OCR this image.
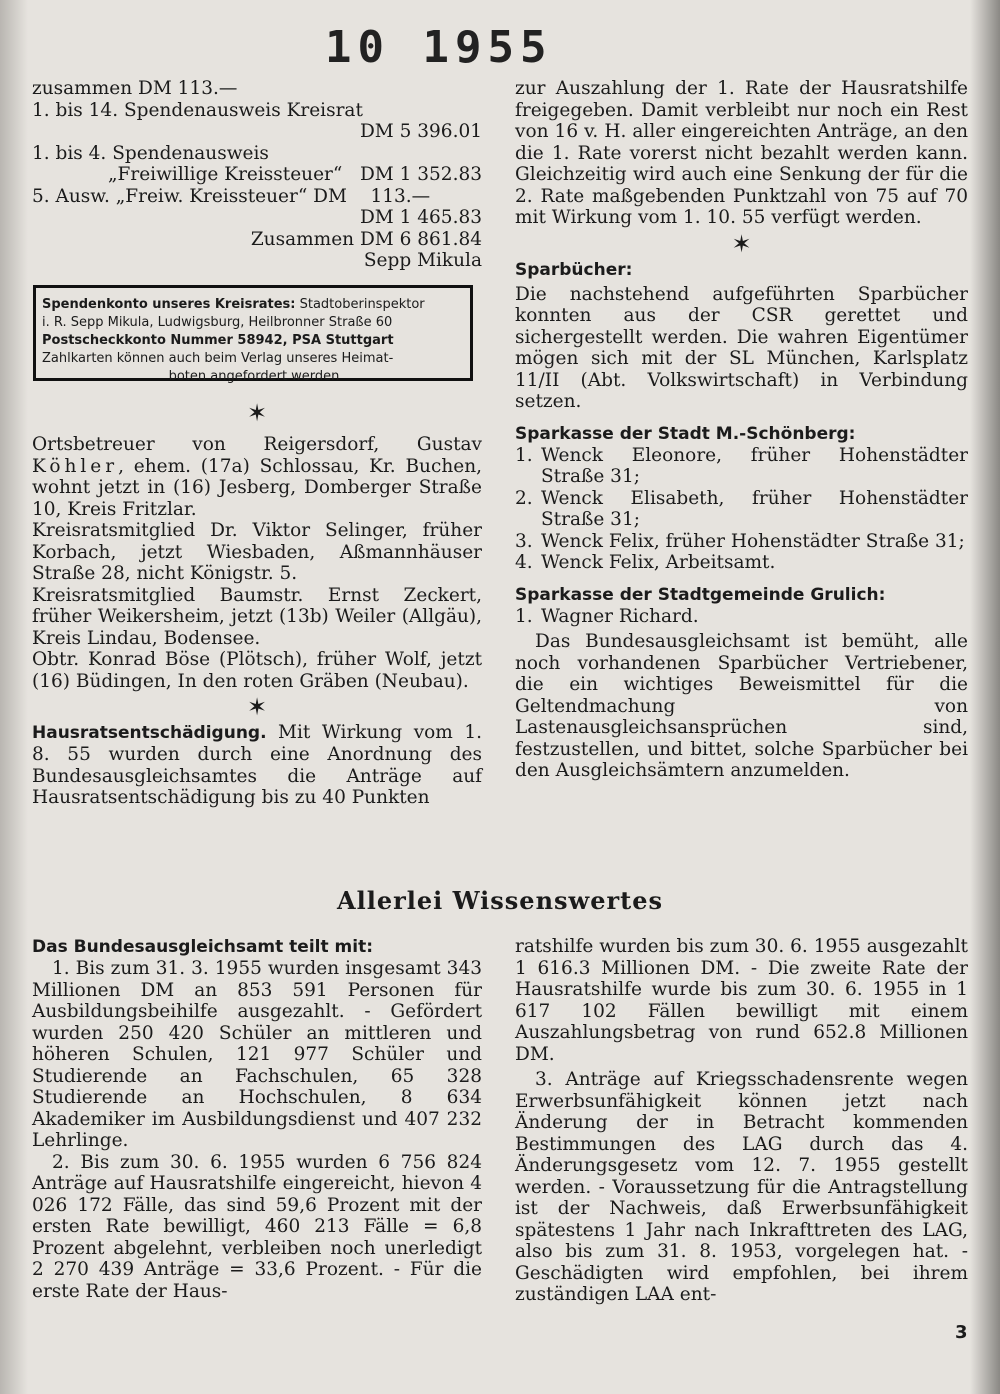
10 1955

zusammen DM 113.—

1. bis 14. Spendenausweis Kreisrat

DM 5 396.01

1. bis 4. Spendenausweis

„Freiwillige Kreissteuer“   DM 1 352.83

5. Ausw. „Freiw. Kreissteuer“ DM    113.—

DM 1 465.83

Zusammen DM 6 861.84

Sepp Mikula

Spendenkonto unseres Kreisrates: Stadtoberinspektor

i. R. Sepp Mikula, Ludwigsburg, Heilbronner Straße 60

Postscheckkonto Nummer 58942, PSA Stuttgart

Zahlkarten können auch beim Verlag unseres Heimat-

boten angefordert werden

✶

Ortsbetreuer von Reigersdorf, Gustav Köhler, ehem. (17a) Schlossau, Kr. Buchen, wohnt jetzt in (16) Jesberg, Domberger Straße 10, Kreis Fritzlar.

Kreisratsmitglied Dr. Viktor Selinger, früher Korbach, jetzt Wiesbaden, Aßmannhäuser Straße 28, nicht Königstr. 5.

Kreisratsmitglied Baumstr. Ernst Zeckert, früher Weikersheim, jetzt (13b) Weiler (Allgäu), Kreis Lindau, Bodensee.

Obtr. Konrad Böse (Plötsch), früher Wolf, jetzt (16) Büdingen, In den roten Gräben (Neubau).

✶

Hausratsentschädigung. Mit Wirkung vom 1. 8. 55 wurden durch eine Anordnung des Bundesausgleichsamtes die Anträge auf Hausratsentschädigung bis zu 40 Punkten

zur Auszahlung der 1. Rate der Hausratshilfe freigegeben. Damit verbleibt nur noch ein Rest von 16 v. H. aller eingereichten Anträge, an den die 1. Rate vorerst nicht bezahlt werden kann. Gleichzeitig wird auch eine Senkung der für die 2. Rate maßgebenden Punktzahl von 75 auf 70 mit Wirkung vom 1. 10. 55 verfügt werden.

✶

Sparbücher:

Die nachstehend aufgeführten Sparbücher konnten aus der CSR gerettet und sichergestellt werden. Die wahren Eigentümer mögen sich mit der SL München, Karlsplatz 11/II (Abt. Volkswirtschaft) in Verbindung setzen.

Sparkasse der Stadt M.-Schönberg:

1. Wenck Eleonore, früher Hohenstädter Straße 31;
2. Wenck Elisabeth, früher Hohenstädter Straße 31;
3. Wenck Felix, früher Hohenstädter Straße 31;
4. Wenck Felix, Arbeitsamt.

Sparkasse der Stadtgemeinde Grulich:

1. Wagner Richard.

Das Bundesausgleichsamt ist bemüht, alle noch vorhandenen Sparbücher Vertriebener, die ein wichtiges Beweismittel für die Geltendmachung von Lastenausgleichsansprüchen sind, festzustellen, und bittet, solche Sparbücher bei den Ausgleichsämtern anzumelden.

Allerlei Wissenswertes

Das Bundesausgleichsamt teilt mit:

1. Bis zum 31. 3. 1955 wurden insgesamt 343 Millionen DM an 853 591 Personen für Ausbildungsbeihilfe ausgezahlt. - Gefördert wurden 250 420 Schüler an mittleren und höheren Schulen, 121 977 Schüler und Studierende an Fachschulen, 65 328 Studierende an Hochschulen, 8 634 Akademiker im Ausbildungsdienst und 407 232 Lehrlinge.

2. Bis zum 30. 6. 1955 wurden 6 756 824 Anträge auf Hausratshilfe eingereicht, hievon 4 026 172 Fälle, das sind 59,6 Prozent mit der ersten Rate bewilligt, 460 213 Fälle = 6,8 Prozent abgelehnt, verbleiben noch unerledigt 2 270 439 Anträge = 33,6 Prozent. - Für die erste Rate der Haus-

ratshilfe wurden bis zum 30. 6. 1955 ausgezahlt 1 616.3 Millionen DM. - Die zweite Rate der Hausratshilfe wurde bis zum 30. 6. 1955 in 1 617 102 Fällen bewilligt mit einem Auszahlungsbetrag von rund 652.8 Millionen DM.

3. Anträge auf Kriegsschadensrente wegen Erwerbsunfähigkeit können jetzt nach Änderung der in Betracht kommenden Bestimmungen des LAG durch das 4. Änderungsgesetz vom 12. 7. 1955 gestellt werden. - Voraussetzung für die Antragstellung ist der Nachweis, daß Erwerbsunfähigkeit spätestens 1 Jahr nach Inkrafttreten des LAG, also bis zum 31. 8. 1953, vorgelegen hat. - Geschädigten wird empfohlen, bei ihrem zuständigen LAA ent-

3
